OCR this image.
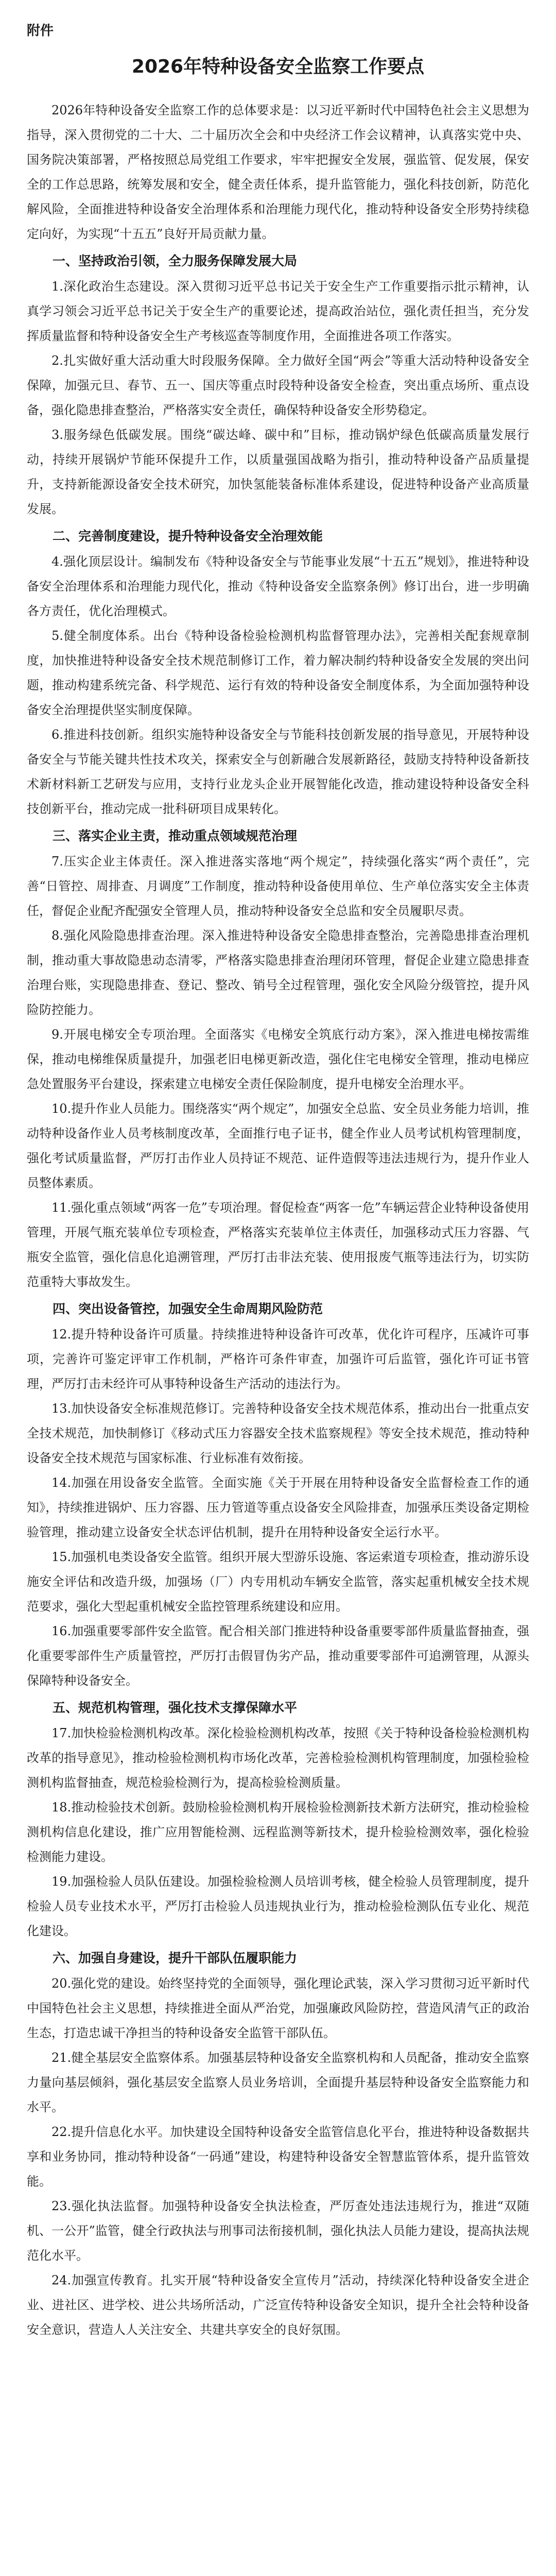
附件
2026年特种设备安全监察工作要点

2026年特种设备安全监察工作的总体要求是：以习近平新时代中国特色社会主义思想为指导，深入贯彻党的二十大、二十届历次全会和中央经济工作会议精神，认真落实党中央、国务院决策部署，严格按照总局党组工作要求，牢牢把握安全发展，强监管、促发展，保安全的工作总思路，统筹发展和安全，健全责任体系，提升监管能力，强化科技创新，防范化解风险，全面推进特种设备安全治理体系和治理能力现代化，推动特种设备安全形势持续稳定向好，为实现“十五五”良好开局贡献力量。

一、坚持政治引领，全力服务保障发展大局

1.深化政治生态建设。深入贯彻习近平总书记关于安全生产工作重要指示批示精神，认真学习领会习近平总书记关于安全生产的重要论述，提高政治站位，强化责任担当，充分发挥质量监督和特种设备安全生产考核巡查等制度作用，全面推进各项工作落实。

2.扎实做好重大活动重大时段服务保障。全力做好全国“两会”等重大活动特种设备安全保障，加强元旦、春节、五一、国庆等重点时段特种设备安全检查，突出重点场所、重点设备，强化隐患排查整治，严格落实安全责任，确保特种设备安全形势稳定。

3.服务绿色低碳发展。围绕“碳达峰、碳中和”目标，推动锅炉绿色低碳高质量发展行动，持续开展锅炉节能环保提升工作，以质量强国战略为指引，推动特种设备产品质量提升，支持新能源设备安全技术研究，加快氢能装备标准体系建设，促进特种设备产业高质量发展。

二、完善制度建设，提升特种设备安全治理效能

4.强化顶层设计。编制发布《特种设备安全与节能事业发展“十五五”规划》，推进特种设备安全治理体系和治理能力现代化，推动《特种设备安全监察条例》修订出台，进一步明确各方责任，优化治理模式。

5.健全制度体系。出台《特种设备检验检测机构监督管理办法》，完善相关配套规章制度，加快推进特种设备安全技术规范制修订工作，着力解决制约特种设备安全发展的突出问题，推动构建系统完备、科学规范、运行有效的特种设备安全制度体系，为全面加强特种设备安全治理提供坚实制度保障。

6.推进科技创新。组织实施特种设备安全与节能科技创新发展的指导意见，开展特种设备安全与节能关键共性技术攻关，探索安全与创新融合发展新路径，鼓励支持特种设备新技术新材料新工艺研发与应用，支持行业龙头企业开展智能化改造，推动建设特种设备安全科技创新平台，推动完成一批科研项目成果转化。

三、落实企业主责，推动重点领域规范治理

7.压实企业主体责任。深入推进落实落地“两个规定”，持续强化落实“两个责任”，完善“日管控、周排查、月调度”工作制度，推动特种设备使用单位、生产单位落实安全主体责任，督促企业配齐配强安全管理人员，推动特种设备安全总监和安全员履职尽责。

8.强化风险隐患排查治理。深入推进特种设备安全隐患排查整治，完善隐患排查治理机制，推动重大事故隐患动态清零，严格落实隐患排查治理闭环管理，督促企业建立隐患排查治理台账，实现隐患排查、登记、整改、销号全过程管理，强化安全风险分级管控，提升风险防控能力。

9.开展电梯安全专项治理。全面落实《电梯安全筑底行动方案》，深入推进电梯按需维保，推动电梯维保质量提升，加强老旧电梯更新改造，强化住宅电梯安全管理，推动电梯应急处置服务平台建设，探索建立电梯安全责任保险制度，提升电梯安全治理水平。

10.提升作业人员能力。围绕落实“两个规定”，加强安全总监、安全员业务能力培训，推动特种设备作业人员考核制度改革，全面推行电子证书，健全作业人员考试机构管理制度，强化考试质量监督，严厉打击作业人员持证不规范、证件造假等违法违规行为，提升作业人员整体素质。

11.强化重点领域“两客一危”专项治理。督促检查“两客一危”车辆运营企业特种设备使用管理，开展气瓶充装单位专项检查，严格落实充装单位主体责任，加强移动式压力容器、气瓶安全监管，强化信息化追溯管理，严厉打击非法充装、使用报废气瓶等违法行为，切实防范重特大事故发生。

四、突出设备管控，加强安全生命周期风险防范

12.提升特种设备许可质量。持续推进特种设备许可改革，优化许可程序，压减许可事项，完善许可鉴定评审工作机制，严格许可条件审查，加强许可后监管，强化许可证书管理，严厉打击未经许可从事特种设备生产活动的违法行为。

13.加快设备安全标准规范修订。完善特种设备安全技术规范体系，推动出台一批重点安全技术规范，加快制修订《移动式压力容器安全技术监察规程》等安全技术规范，推动特种设备安全技术规范与国家标准、行业标准有效衔接。

14.加强在用设备安全监管。全面实施《关于开展在用特种设备安全监督检查工作的通知》，持续推进锅炉、压力容器、压力管道等重点设备安全风险排查，加强承压类设备定期检验管理，推动建立设备安全状态评估机制，提升在用特种设备安全运行水平。

15.加强机电类设备安全监管。组织开展大型游乐设施、客运索道专项检查，推动游乐设施安全评估和改造升级，加强场（厂）内专用机动车辆安全监管，落实起重机械安全技术规范要求，强化大型起重机械安全监控管理系统建设和应用。

16.加强重要零部件安全监管。配合相关部门推进特种设备重要零部件质量监督抽查，强化重要零部件生产质量管控，严厉打击假冒伪劣产品，推动重要零部件可追溯管理，从源头保障特种设备安全。

五、规范机构管理，强化技术支撑保障水平

17.加快检验检测机构改革。深化检验检测机构改革，按照《关于特种设备检验检测机构改革的指导意见》，推动检验检测机构市场化改革，完善检验检测机构管理制度，加强检验检测机构监督抽查，规范检验检测行为，提高检验检测质量。

18.推动检验技术创新。鼓励检验检测机构开展检验检测新技术新方法研究，推动检验检测机构信息化建设，推广应用智能检测、远程监测等新技术，提升检验检测效率，强化检验检测能力建设。

19.加强检验人员队伍建设。加强检验检测人员培训考核，健全检验人员管理制度，提升检验人员专业技术水平，严厉打击检验人员违规执业行为，推动检验检测队伍专业化、规范化建设。

六、加强自身建设，提升干部队伍履职能力

20.强化党的建设。始终坚持党的全面领导，强化理论武装，深入学习贯彻习近平新时代中国特色社会主义思想，持续推进全面从严治党，加强廉政风险防控，营造风清气正的政治生态，打造忠诚干净担当的特种设备安全监管干部队伍。

21.健全基层安全监察体系。加强基层特种设备安全监察机构和人员配备，推动安全监察力量向基层倾斜，强化基层安全监察人员业务培训，全面提升基层特种设备安全监察能力和水平。

22.提升信息化水平。加快建设全国特种设备安全监管信息化平台，推进特种设备数据共享和业务协同，推动特种设备“一码通”建设，构建特种设备安全智慧监管体系，提升监管效能。

23.强化执法监督。加强特种设备安全执法检查，严厉查处违法违规行为，推进“双随机、一公开”监管，健全行政执法与刑事司法衔接机制，强化执法人员能力建设，提高执法规范化水平。

24.加强宣传教育。扎实开展“特种设备安全宣传月”活动，持续深化特种设备安全进企业、进社区、进学校、进公共场所活动，广泛宣传特种设备安全知识，提升全社会特种设备安全意识，营造人人关注安全、共建共享安全的良好氛围。
